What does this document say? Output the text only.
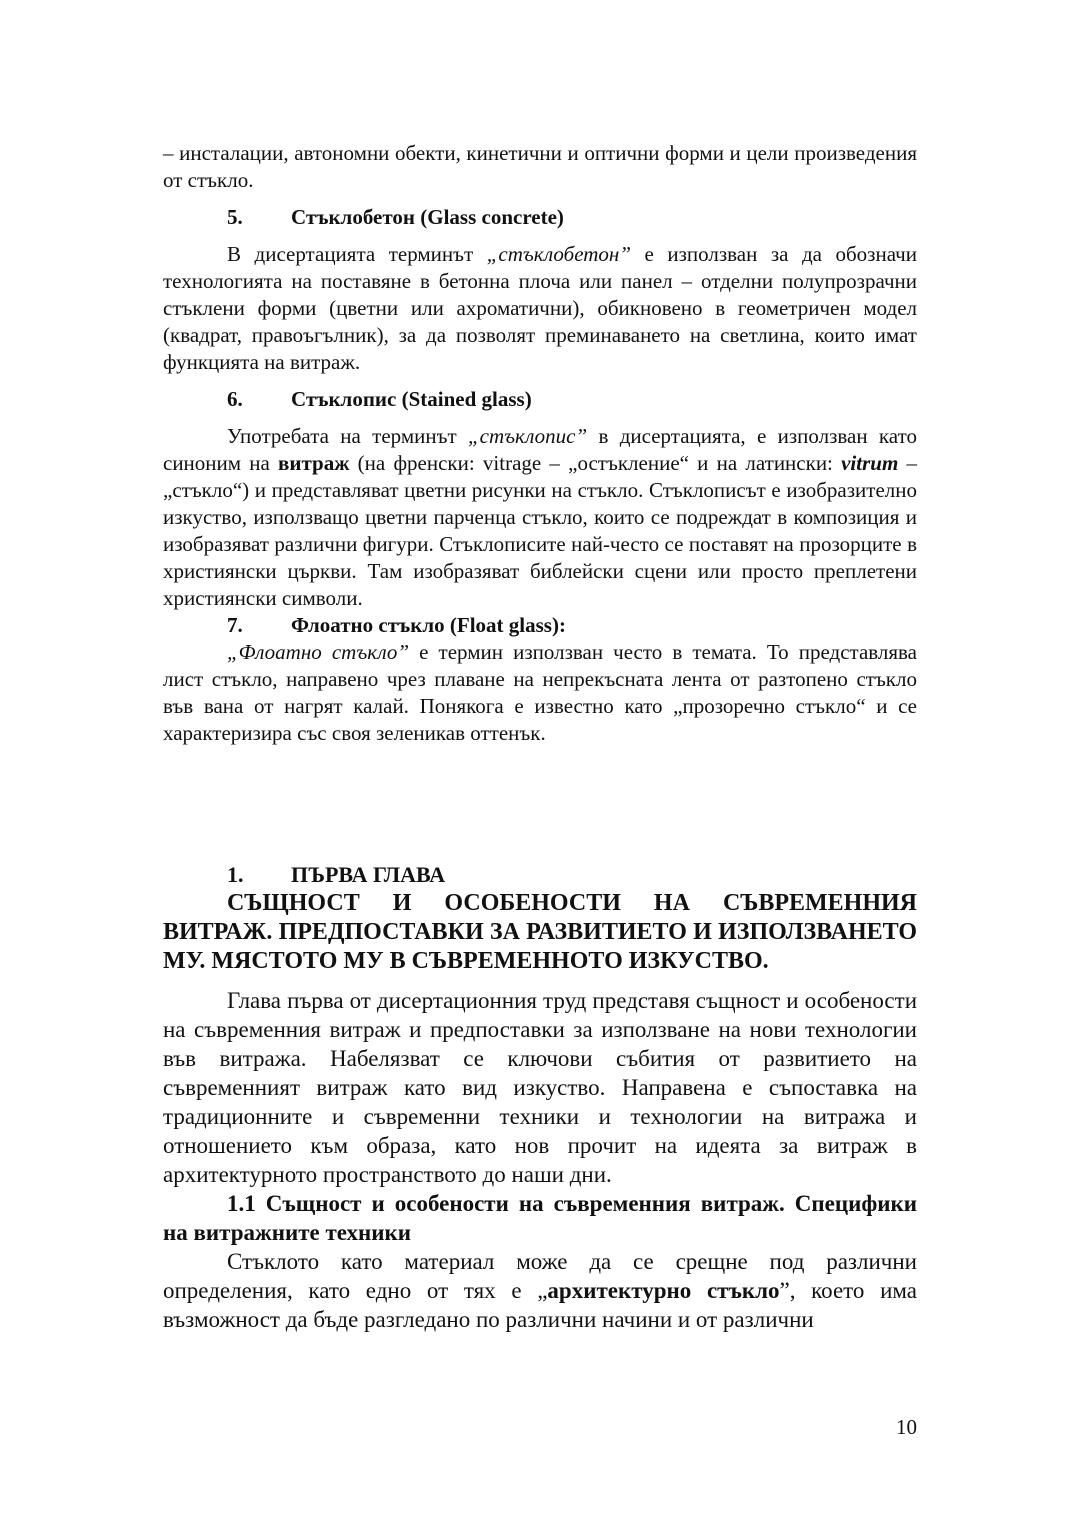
– инсталации, автономни обекти, кинетични и оптични форми и цели произведения от стъкло.

5. Стъклобетон (Glass concrete)

В дисертацията терминът „стъклобетон” е използван за да обозначи технологията на поставяне в бетонна плоча или панел – отделни полупрозрачни стъклени форми (цветни или ахроматични), обикновено в геометричен модел (квадрат, правоъгълник), за да позволят преминаването на светлина, които имат функцията на витраж.

6. Стъклопис (Stained glass)

Употребата на терминът „стъклопис” в дисертацията, е използван като синоним на витраж (на френски: vitrage – „остъкление“ и на латински: vitrum – „стъкло“) и представляват цветни рисунки на стъкло. Стъклописът е изобразително изкуство, използващо цветни парченца стъкло, които се подреждат в композиция и изобразяват различни фигури. Стъклописите най-често се поставят на прозорците в християнски църкви. Там изобразяват библейски сцени или просто преплетени християнски символи.

7. Флоатно стъкло (Float glass):

„Флоатно стъкло” е термин използван често в темата. То представлява лист стъкло, направено чрез плаване на непрекъсната лента от разтопено стъкло във вана от нагрят калай. Понякога е известно като „прозоречно стъкло“ и се характеризира със своя зеленикав оттенък.

1. ПЪРВА ГЛАВА
СЪЩНОСТ И ОСОБЕНОСТИ НА СЪВРЕМЕННИЯ ВИТРАЖ. ПРЕДПОСТАВКИ ЗА РАЗВИТИЕТО И ИЗПОЛЗВАНЕТО МУ. МЯСТОТО МУ В СЪВРЕМЕННОТО ИЗКУСТВО.

Глава първа от дисертационния труд представя същност и особености на съвременния витраж и предпоставки за използване на нови технологии във витража. Набелязват се ключови събития от развитието на съвременният витраж като вид изкуство. Направена е съпоставка на традиционните и съвременни техники и технологии на витража и отношението към образа, като нов прочит на идеята за витраж в архитектурното пространството до наши дни.

1.1 Същност и особености на съвременния витраж. Специфики на витражните техники

Стъклото като материал може да се срещне под различни определения, като едно от тях е „архитектурно стъкло”, което има възможност да бъде разгледано по различни начини и от различни

10
